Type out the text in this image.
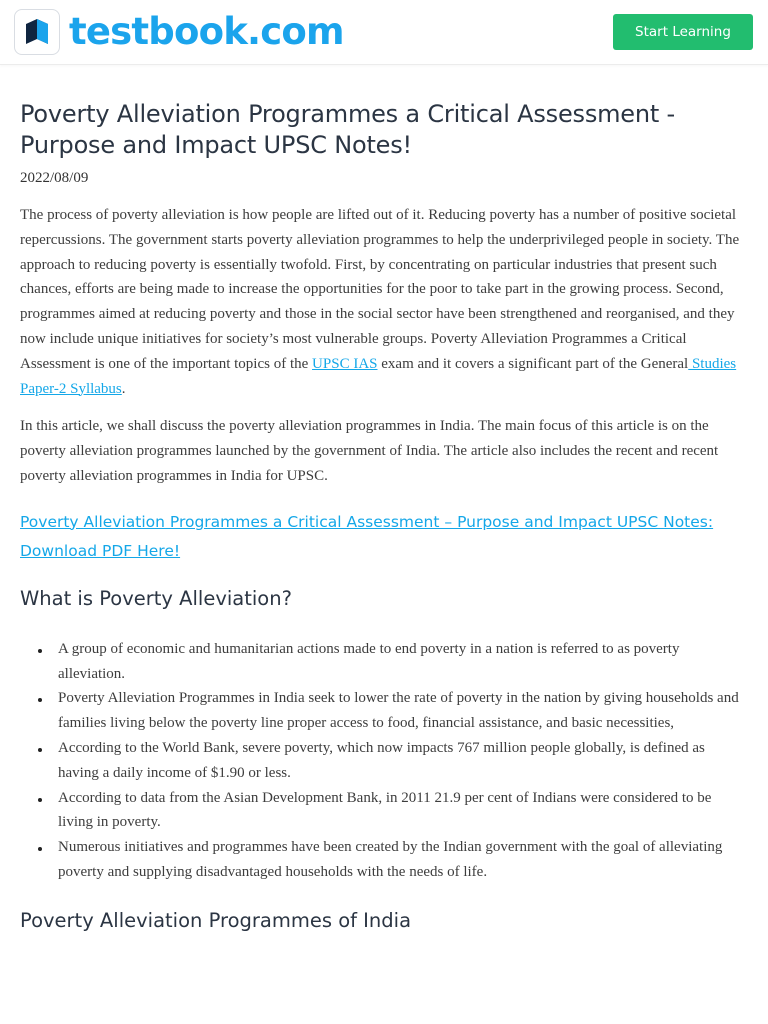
testbook.com	Start Learning
Poverty Alleviation Programmes a Critical Assessment - Purpose and Impact UPSC Notes!
2022/08/09

The process of poverty alleviation is how people are lifted out of it. Reducing poverty has a number of positive societal repercussions. The government starts poverty alleviation programmes to help the underprivileged people in society. The approach to reducing poverty is essentially twofold. First, by concentrating on particular industries that present such chances, efforts are being made to increase the opportunities for the poor to take part in the growing process. Second, programmes aimed at reducing poverty and those in the social sector have been strengthened and reorganised, and they now include unique initiatives for society’s most vulnerable groups. Poverty Alleviation Programmes a Critical Assessment is one of the important topics of the UPSC IAS exam and it covers a significant part of the General Studies Paper-2 Syllabus.

In this article, we shall discuss the poverty alleviation programmes in India. The main focus of this article is on the poverty alleviation programmes launched by the government of India. The article also includes the recent and recent poverty alleviation programmes in India for UPSC.

Poverty Alleviation Programmes a Critical Assessment – Purpose and Impact UPSC Notes: Download PDF Here!
What is Poverty Alleviation?
A group of economic and humanitarian actions made to end poverty in a nation is referred to as poverty alleviation.
Poverty Alleviation Programmes in India seek to lower the rate of poverty in the nation by giving households and families living below the poverty line proper access to food, financial assistance, and basic necessities,
According to the World Bank, severe poverty, which now impacts 767 million people globally, is defined as having a daily income of $1.90 or less.
According to data from the Asian Development Bank, in 2011 21.9 per cent of Indians were considered to be living in poverty.
Numerous initiatives and programmes have been created by the Indian government with the goal of alleviating poverty and supplying disadvantaged households with the needs of life.
Poverty Alleviation Programmes of India
